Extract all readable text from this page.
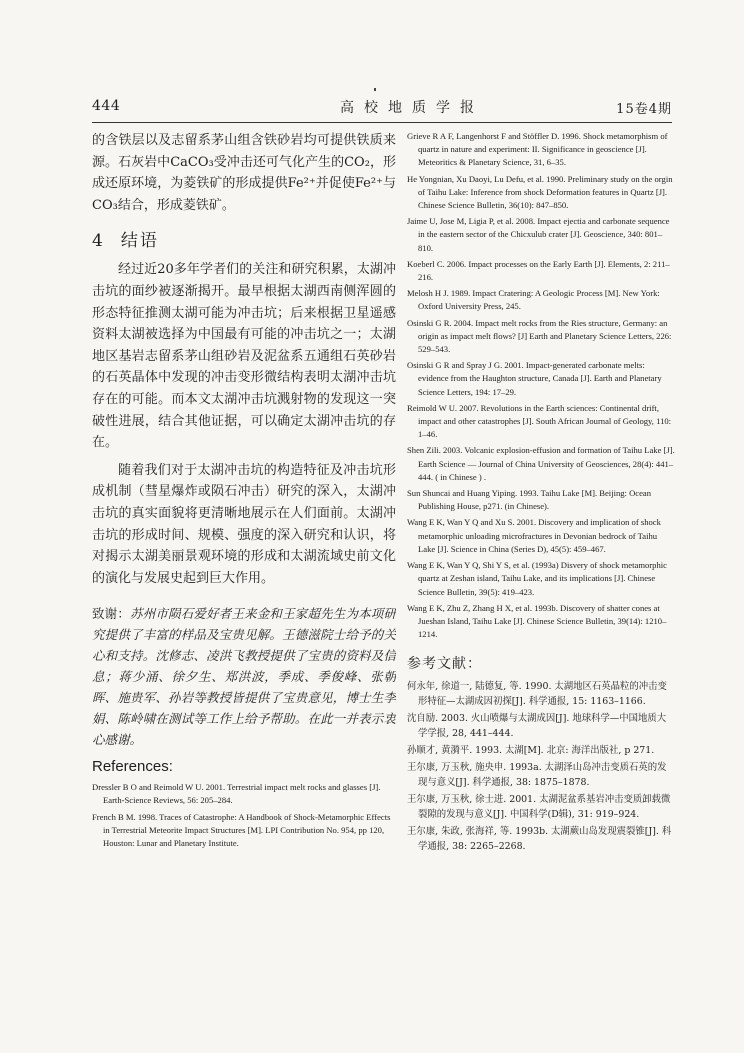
444	高校地质学报	15卷4期

的含铁层以及志留系茅山组含铁砂岩均可提供铁质来源。石灰岩中CaCO₃受冲击还可气化产生的CO₂，形成还原环境，为菱铁矿的形成提供Fe²⁺并促使Fe²⁺与CO₃结合，形成菱铁矿。

4 结语

经过近20多年学者们的关注和研究积累，太湖冲击坑的面纱被逐渐揭开。最早根据太湖西南侧浑圆的形态特征推测太湖可能为冲击坑；后来根据卫星遥感资料太湖被选择为中国最有可能的冲击坑之一；太湖地区基岩志留系茅山组砂岩及泥盆系五通组石英砂岩的石英晶体中发现的冲击变形微结构表明太湖冲击坑存在的可能。而本文太湖冲击坑溅射物的发现这一突破性进展，结合其他证据，可以确定太湖冲击坑的存在。

随着我们对于太湖冲击坑的构造特征及冲击坑形成机制（彗星爆炸或陨石冲击）研究的深入，太湖冲击坑的真实面貌将更清晰地展示在人们面前。太湖冲击坑的形成时间、规模、强度的深入研究和认识，将对揭示太湖美丽景观环境的形成和太湖流域史前文化的演化与发展史起到巨大作用。

致谢：苏州市陨石爱好者王来金和王家超先生为本项研究提供了丰富的样品及宝贵见解。王德滋院士给予的关心和支持。沈修志、凌洪飞教授提供了宝贵的资料及信息；蒋少涌、徐夕生、郑洪波，季成、季俊峰、张朝晖、施贵军、孙岩等教授皆提供了宝贵意见，博士生李娟、陈岭啸在测试等工作上给予帮助。在此一并表示衷心感谢。
References:
Dressler B O and Reimold W U. 2001. Terrestrial impact melt rocks and glasses [J]. Earth-Science Reviews, 56: 205–284.
French B M. 1998. Traces of Catastrophe: A Handbook of Shock-Metamorphic Effects in Terrestrial Meteorite Impact Structures [M]. LPI Contribution No. 954, pp 120, Houston: Lunar and Planetary Institute.
Grieve R A F, Langenhorst F and Stöffler D. 1996. Shock metamorphism of quartz in nature and experiment: II. Significance in geoscience [J]. Meteoritics & Planetary Science, 31, 6–35.
He Yongnian, Xu Daoyi, Lu Defu, et al. 1990. Preliminary study on the orgin of Taihu Lake: Inference from shock Deformation features in Quartz [J]. Chinese Science Bulletin, 36(10): 847–850.
Jaime U, Jose M, Ligia P, et al. 2008. Impact ejectia and carbonate sequence in the eastern sector of the Chicxulub crater [J]. Geoscience, 340: 801–810.
Koeberl C. 2006. Impact processes on the Early Earth [J]. Elements, 2: 211–216.
Melosh H J. 1989. Impact Cratering: A Geologic Process [M]. New York: Oxford University Press, 245.
Osinski G R. 2004. Impact melt rocks from the Ries structure, Germany: an origin as impact melt flows? [J] Earth and Planetary Science Letters, 226: 529–543.
Osinski G R and Spray J G. 2001. Impact-generated carbonate melts: evidence from the Haughton structure, Canada [J]. Earth and Planetary Science Letters, 194: 17–29.
Reimold W U. 2007. Revolutions in the Earth sciences: Continental drift, impact and other catastrophes [J]. South African Journal of Geology, 110: 1–46.
Shen Zili. 2003. Volcanic explosion-effusion and formation of Taihu Lake [J]. Earth Science — Journal of China University of Geosciences, 28(4): 441–444. ( in Chinese ) .
Sun Shuncai and Huang Yiping. 1993. Taihu Lake [M]. Beijing: Ocean Publishing House, p271. (in Chinese).
Wang E K, Wan Y Q and Xu S. 2001. Discovery and implication of shock metamorphic unloading microfractures in Devonian bedrock of Taihu Lake [J]. Science in China (Series D), 45(5): 459–467.
Wang E K, Wan Y Q, Shi Y S, et al. (1993a) Disvery of shock metamorphic quartz at Zeshan island, Taihu Lake, and its implications [J]. Chinese Science Bulletin, 39(5): 419–423.
Wang E K, Zhu Z, Zhang H X, et al. 1993b. Discovery of shatter cones at Jueshan Island, Taihu Lake [J]. Chinese Science Bulletin, 39(14): 1210–1214.
参考文献：
何永年, 徐道一, 陆德复, 等. 1990. 太湖地区石英晶粒的冲击变形特征—太湖成因初探[J]. 科学通报, 15: 1163–1166.
沈自励. 2003. 火山喷爆与太湖成因[J]. 地球科学—中国地质大学学报, 28, 441–444.
孙顺才, 黄漪平. 1993. 太湖[M]. 北京: 海洋出版社, p 271.
王尔康, 万玉秋, 施央申. 1993a. 太湖泽山岛冲击变质石英的发现与意义[J]. 科学通报, 38: 1875–1878.
王尔康, 万玉秋, 徐士进. 2001. 太湖泥盆系基岩冲击变质卸载微裂隙的发现与意义[J]. 中国科学(D辑), 31: 919–924.
王尔康, 朱政, 张海祥, 等. 1993b. 太湖蕨山岛发现震裂锥[J]. 科学通报, 38: 2265–2268.
